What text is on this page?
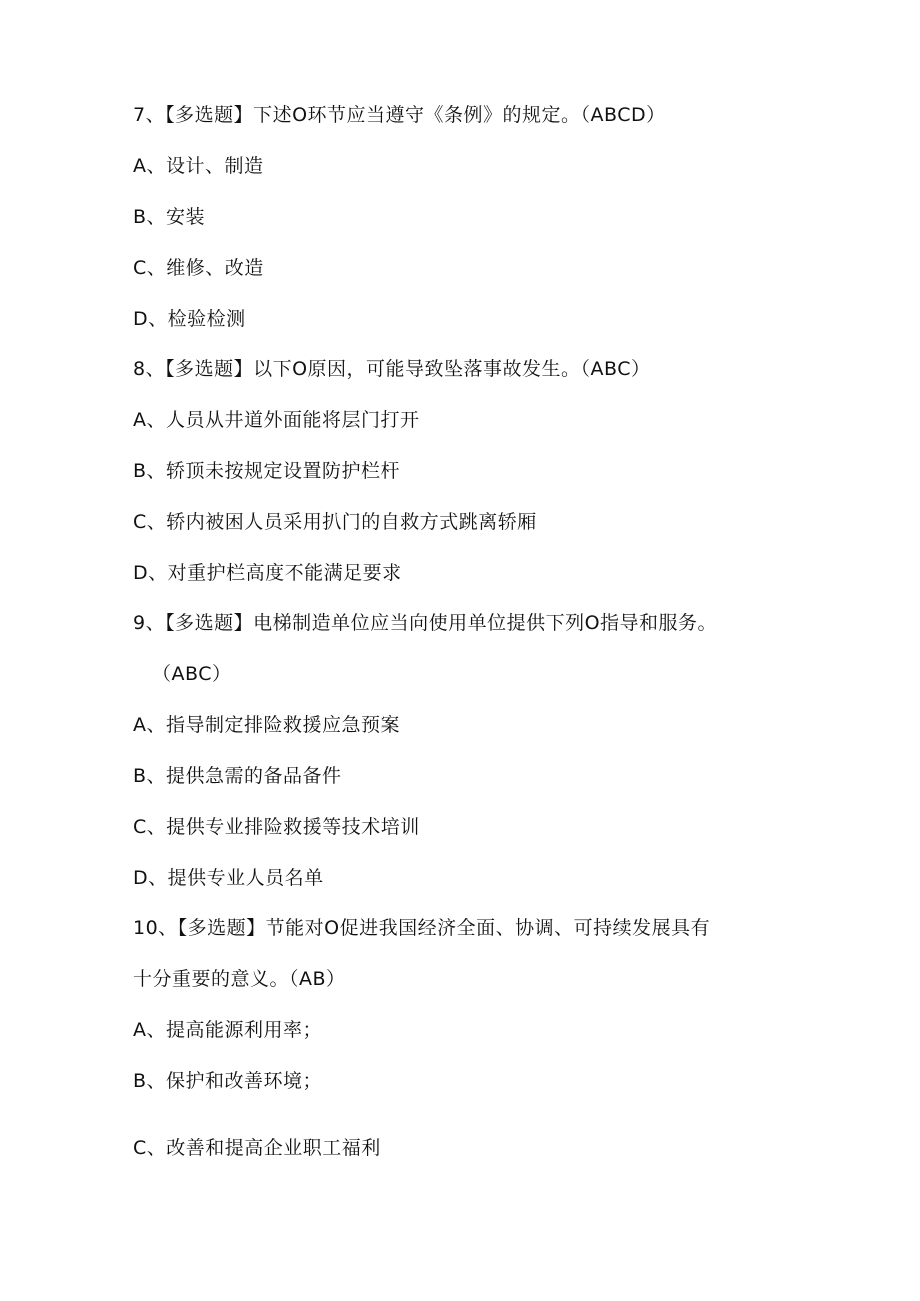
7、【多选题】下述O环节应当遵守《条例》的规定。（ABCD）
A、设计、制造
B、安装
C、维修、改造
D、检验检测
8、【多选题】以下O原因，可能导致坠落事故发生。（ABC）
A、人员从井道外面能将层门打开
B、轿顶未按规定设置防护栏杆
C、轿内被困人员采用扒门的自救方式跳离轿厢
D、对重护栏高度不能满足要求
9、【多选题】电梯制造单位应当向使用单位提供下列O指导和服务。
（ABC）
A、指导制定排险救援应急预案
B、提供急需的备品备件
C、提供专业排险救援等技术培训
D、提供专业人员名单
10、【多选题】节能对O促进我国经济全面、协调、可持续发展具有
十分重要的意义。（AB）
A、提高能源利用率；
B、保护和改善环境；
C、改善和提高企业职工福利
